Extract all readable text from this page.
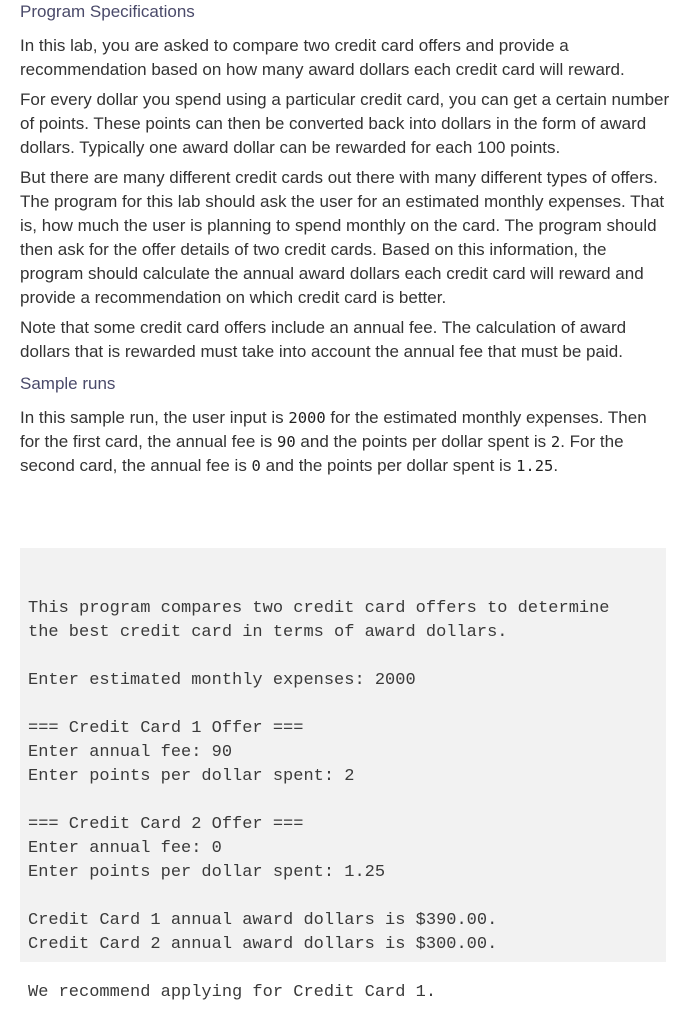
Program Specifications

In this lab, you are asked to compare two credit card offers and provide a recommendation based on how many award dollars each credit card will reward.

For every dollar you spend using a particular credit card, you can get a certain number of points. These points can then be converted back into dollars in the form of award dollars. Typically one award dollar can be rewarded for each 100 points.

But there are many different credit cards out there with many different types of offers. The program for this lab should ask the user for an estimated monthly expenses. That is, how much the user is planning to spend monthly on the card. The program should then ask for the offer details of two credit cards. Based on this information, the program should calculate the annual award dollars each credit card will reward and provide a recommendation on which credit card is better.

Note that some credit card offers include an annual fee. The calculation of award dollars that is rewarded must take into account the annual fee that must be paid.

Sample runs

In this sample run, the user input is 2000 for the estimated monthly expenses. Then for the first card, the annual fee is 90 and the points per dollar spent is 2. For the second card, the annual fee is 0 and the points per dollar spent is 1.25.

This program compares two credit card offers to determine
the best credit card in terms of award dollars.
Enter estimated monthly expenses: 2000
=== Credit Card 1 Offer ===
Enter annual fee: 90
Enter points per dollar spent: 2
=== Credit Card 2 Offer ===
Enter annual fee: 0
Enter points per dollar spent: 1.25
Credit Card 1 annual award dollars is $390.00.
Credit Card 2 annual award dollars is $300.00.
We recommend applying for Credit Card 1.
